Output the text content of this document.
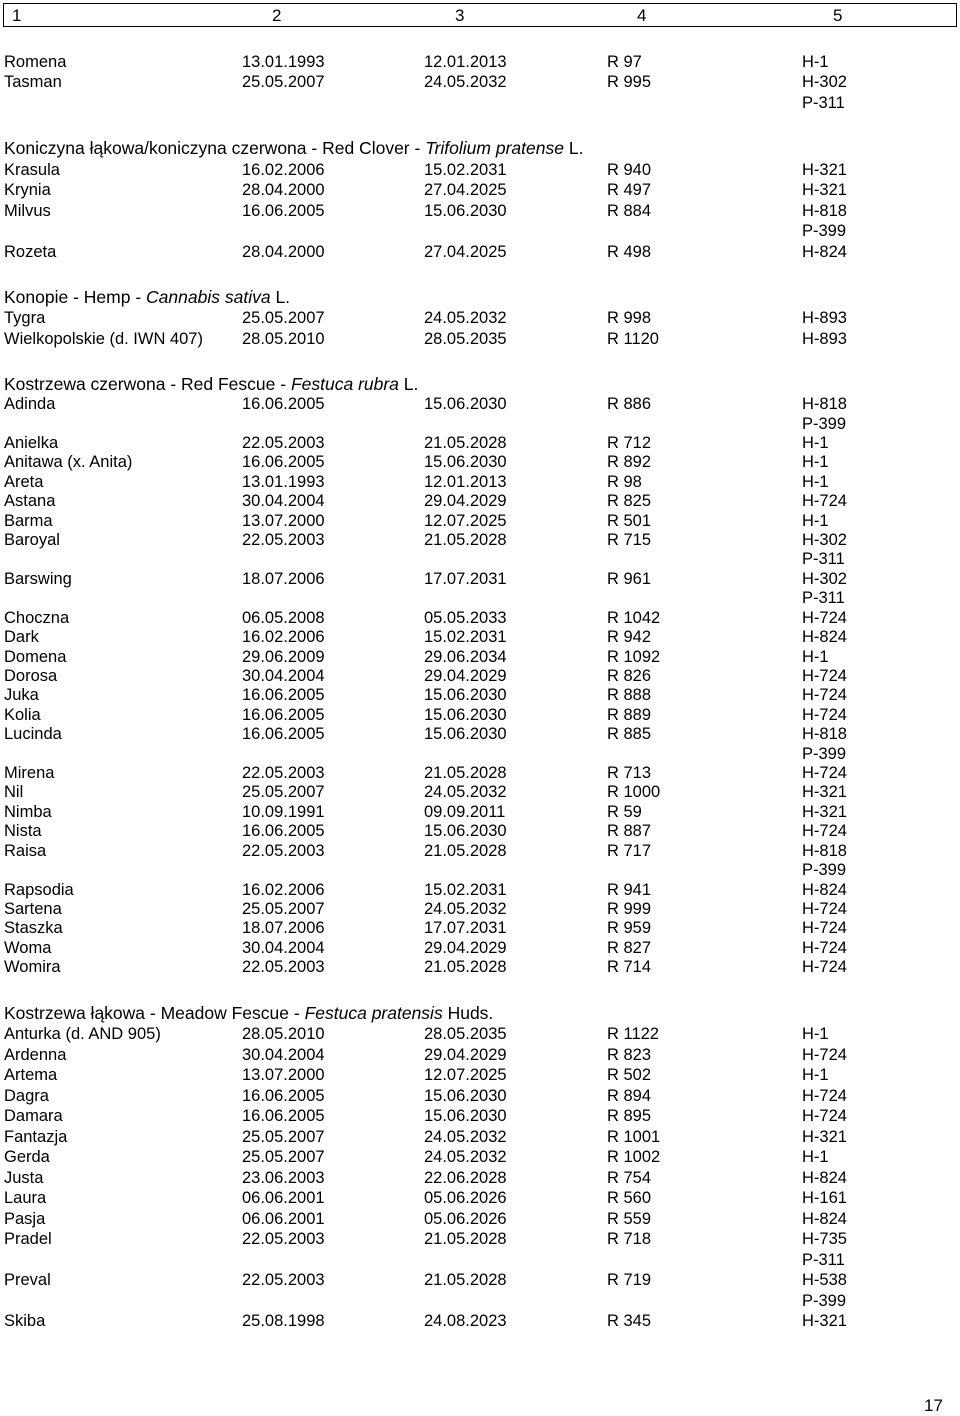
1	2	3	4	5
Romena	13.01.1993	12.01.2013	R 97	H-1
Tasman	25.05.2007	24.05.2032	R 995	H-302
P-311
Koniczyna łąkowa/koniczyna czerwona - Red Clover - Trifolium pratense L.
Krasula	16.02.2006	15.02.2031	R 940	H-321
Krynia	28.04.2000	27.04.2025	R 497	H-321
Milvus	16.06.2005	15.06.2030	R 884	H-818
P-399
Rozeta	28.04.2000	27.04.2025	R 498	H-824
Konopie - Hemp - Cannabis sativa L.
Tygra	25.05.2007	24.05.2032	R 998	H-893
Wielkopolskie (d. IWN 407) 28.05.2010	28.05.2035	R 1120	H-893
Kostrzewa czerwona - Red Fescue - Festuca rubra L.
Adinda	16.06.2005	15.06.2030	R 886	H-818
P-399
Anielka	22.05.2003	21.05.2028	R 712	H-1
Anitawa (x. Anita)	16.06.2005	15.06.2030	R 892	H-1
Areta	13.01.1993	12.01.2013	R 98	H-1
Astana	30.04.2004	29.04.2029	R 825	H-724
Barma	13.07.2000	12.07.2025	R 501	H-1
Baroyal	22.05.2003	21.05.2028	R 715	H-302
P-311
Barswing	18.07.2006	17.07.2031	R 961	H-302
P-311
Choczna	06.05.2008	05.05.2033	R 1042	H-724
Dark	16.02.2006	15.02.2031	R 942	H-824
Domena	29.06.2009	29.06.2034	R 1092	H-1
Dorosa	30.04.2004	29.04.2029	R 826	H-724
Juka	16.06.2005	15.06.2030	R 888	H-724
Kolia	16.06.2005	15.06.2030	R 889	H-724
Lucinda	16.06.2005	15.06.2030	R 885	H-818
P-399
Mirena	22.05.2003	21.05.2028	R 713	H-724
Nil	25.05.2007	24.05.2032	R 1000	H-321
Nimba	10.09.1991	09.09.2011	R 59	H-321
Nista	16.06.2005	15.06.2030	R 887	H-724
Raisa	22.05.2003	21.05.2028	R 717	H-818
P-399
Rapsodia	16.02.2006	15.02.2031	R 941	H-824
Sartena	25.05.2007	24.05.2032	R 999	H-724
Staszka	18.07.2006	17.07.2031	R 959	H-724
Woma	30.04.2004	29.04.2029	R 827	H-724
Womira	22.05.2003	21.05.2028	R 714	H-724
Kostrzewa łąkowa - Meadow Fescue - Festuca pratensis Huds.
Anturka (d. AND 905)	28.05.2010	28.05.2035	R 1122	H-1
Ardenna	30.04.2004	29.04.2029	R 823	H-724
Artema	13.07.2000	12.07.2025	R 502	H-1
Dagra	16.06.2005	15.06.2030	R 894	H-724
Damara	16.06.2005	15.06.2030	R 895	H-724
Fantazja	25.05.2007	24.05.2032	R 1001	H-321
Gerda	25.05.2007	24.05.2032	R 1002	H-1
Justa	23.06.2003	22.06.2028	R 754	H-824
Laura	06.06.2001	05.06.2026	R 560	H-161
Pasja	06.06.2001	05.06.2026	R 559	H-824
Pradel	22.05.2003	21.05.2028	R 718	H-735
P-311
Preval	22.05.2003	21.05.2028	R 719	H-538
P-399
Skiba	25.08.1998	24.08.2023	R 345	H-321
17
